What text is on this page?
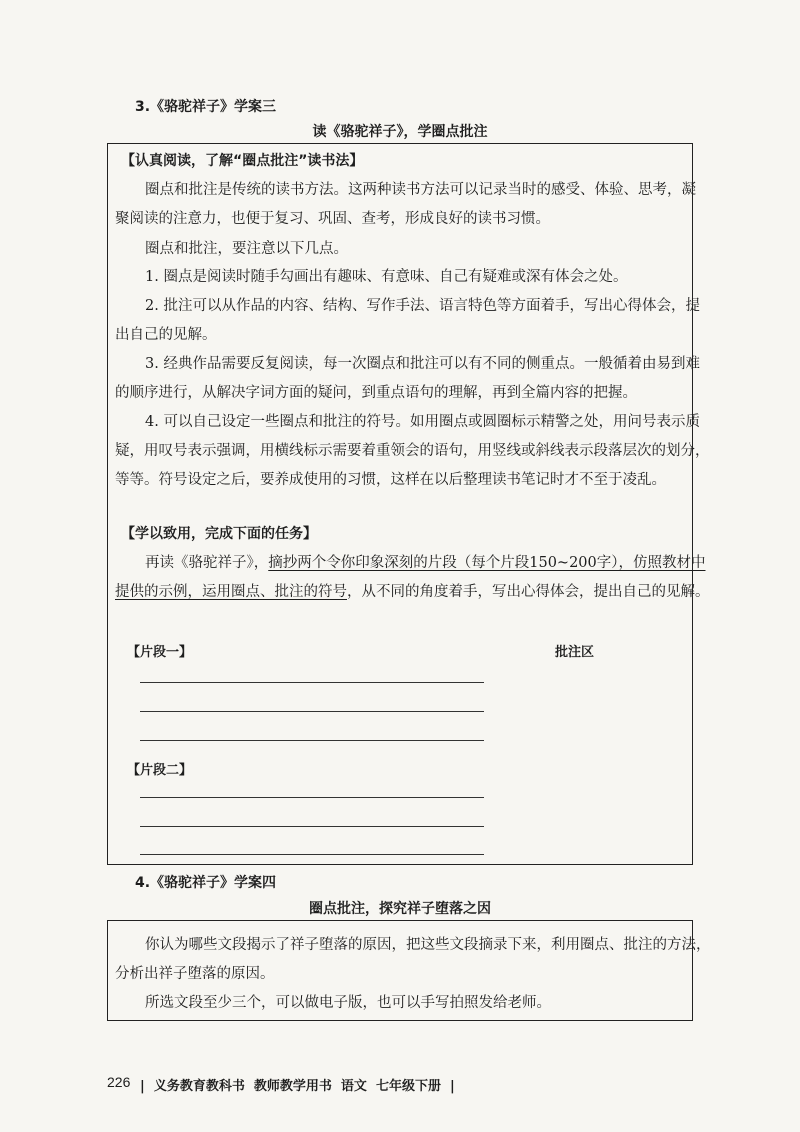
3.《骆驼祥子》学案三
读《骆驼祥子》，学圈点批注
【认真阅读，了解“圈点批注”读书法】
圈点和批注是传统的读书方法。这两种读书方法可以记录当时的感受、体验、思考，凝
聚阅读的注意力，也便于复习、巩固、查考，形成良好的读书习惯。
圈点和批注，要注意以下几点。
1. 圈点是阅读时随手勾画出有趣味、有意味、自己有疑难或深有体会之处。
2. 批注可以从作品的内容、结构、写作手法、语言特色等方面着手，写出心得体会，提
出自己的见解。
3. 经典作品需要反复阅读，每一次圈点和批注可以有不同的侧重点。一般循着由易到难
的顺序进行，从解决字词方面的疑问，到重点语句的理解，再到全篇内容的把握。
4. 可以自己设定一些圈点和批注的符号。如用圈点或圆圈标示精警之处，用问号表示质
疑，用叹号表示强调，用横线标示需要着重领会的语句，用竖线或斜线表示段落层次的划分，
等等。符号设定之后，要养成使用的习惯，这样在以后整理读书笔记时才不至于凌乱。
【学以致用，完成下面的任务】
再读《骆驼祥子》，摘抄两个令你印象深刻的片段（每个片段150~200字），仿照教材中
提供的示例，运用圈点、批注的符号，从不同的角度着手，写出心得体会，提出自己的见解。
【片段一】	批注区
【片段二】
4.《骆驼祥子》学案四
圈点批注，探究祥子堕落之因
你认为哪些文段揭示了祥子堕落的原因，把这些文段摘录下来，利用圈点、批注的方法，
分析出祥子堕落的原因。
所选文段至少三个，可以做电子版，也可以手写拍照发给老师。
226 |  义务教育教科书  教师教学用书  语文  七年级下册  |
